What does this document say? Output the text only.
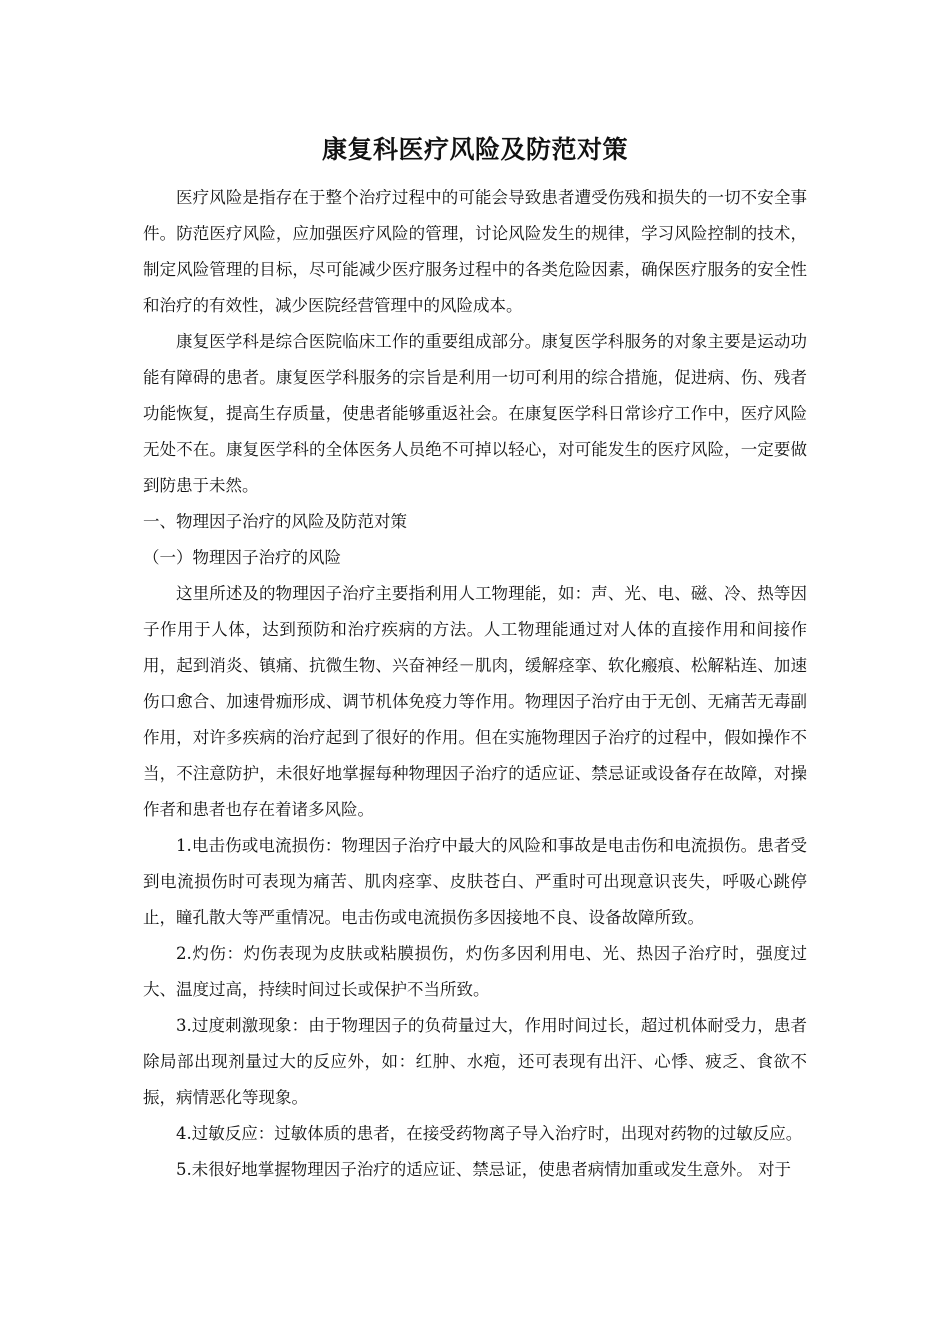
康复科医疗风险及防范对策

医疗风险是指存在于整个治疗过程中的可能会导致患者遭受伤残和损失的一切不安全事件。防范医疗风险，应加强医疗风险的管理，讨论风险发生的规律，学习风险控制的技术，制定风险管理的目标，尽可能减少医疗服务过程中的各类危险因素，确保医疗服务的安全性和治疗的有效性，减少医院经营管理中的风险成本。

康复医学科是综合医院临床工作的重要组成部分。康复医学科服务的对象主要是运动功能有障碍的患者。康复医学科服务的宗旨是利用一切可利用的综合措施，促进病、伤、残者功能恢复，提高生存质量，使患者能够重返社会。在康复医学科日常诊疗工作中，医疗风险无处不在。康复医学科的全体医务人员绝不可掉以轻心，对可能发生的医疗风险，一定要做到防患于未然。

一、物理因子治疗的风险及防范对策

（一）物理因子治疗的风险

这里所述及的物理因子治疗主要指利用人工物理能，如：声、光、电、磁、冷、热等因子作用于人体，达到预防和治疗疾病的方法。人工物理能通过对人体的直接作用和间接作用，起到消炎、镇痛、抗微生物、兴奋神经－肌肉，缓解痉挛、软化瘢痕、松解粘连、加速伤口愈合、加速骨痂形成、调节机体免疫力等作用。物理因子治疗由于无创、无痛苦无毒副作用，对许多疾病的治疗起到了很好的作用。但在实施物理因子治疗的过程中，假如操作不当，不注意防护，未很好地掌握每种物理因子治疗的适应证、禁忌证或设备存在故障，对操作者和患者也存在着诸多风险。

1.电击伤或电流损伤：物理因子治疗中最大的风险和事故是电击伤和电流损伤。患者受到电流损伤时可表现为痛苦、肌肉痉挛、皮肤苍白、严重时可出现意识丧失，呼吸心跳停止，瞳孔散大等严重情况。电击伤或电流损伤多因接地不良、设备故障所致。

2.灼伤：灼伤表现为皮肤或粘膜损伤，灼伤多因利用电、光、热因子治疗时，强度过大、温度过高，持续时间过长或保护不当所致。

3.过度刺激现象：由于物理因子的负荷量过大，作用时间过长，超过机体耐受力，患者除局部出现剂量过大的反应外，如：红肿、水疱，还可表现有出汗、心悸、疲乏、食欲不振，病情恶化等现象。

4.过敏反应：过敏体质的患者，在接受药物离子导入治疗时，出现对药物的过敏反应。

5.未很好地掌握物理因子治疗的适应证、禁忌证，使患者病情加重或发生意外。 对于
